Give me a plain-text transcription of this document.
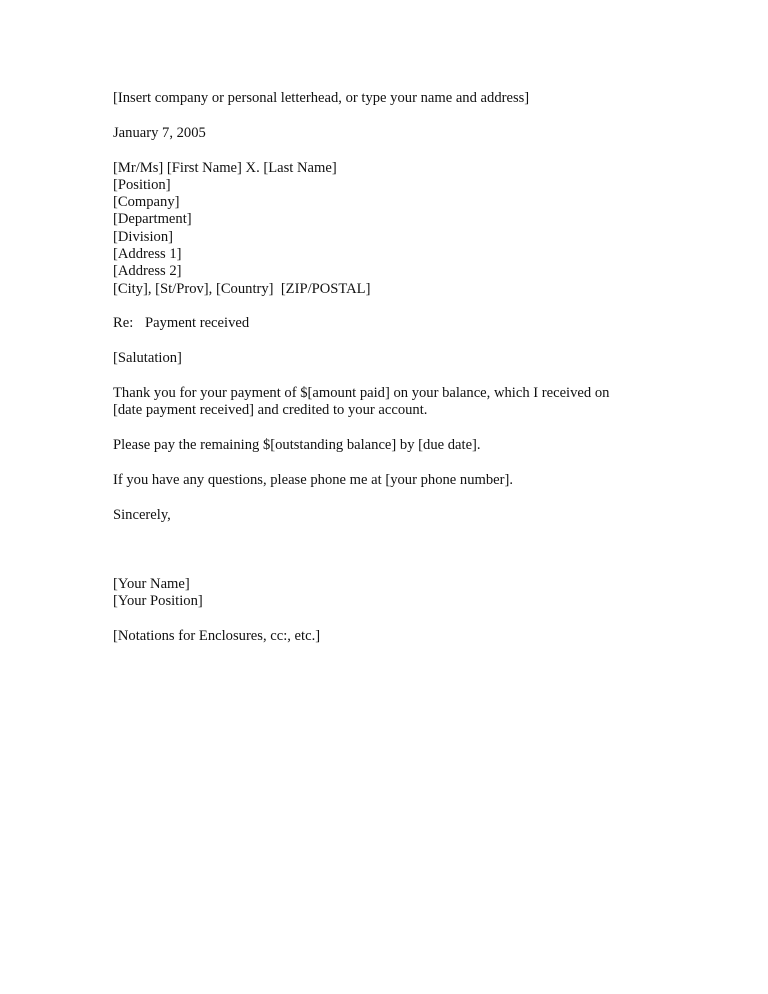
[Insert company or personal letterhead, or type your name and address]
January 7, 2005
[Mr/Ms] [First Name] X. [Last Name]
[Position]
[Company]
[Department]
[Division]
[Address 1]
[Address 2]
[City], [St/Prov], [Country]  [ZIP/POSTAL]
Re: Payment received
[Salutation]
Thank you for your payment of $[amount paid] on your balance, which I received on
[date payment received] and credited to your account.
Please pay the remaining $[outstanding balance] by [due date].
If you have any questions, please phone me at [your phone number].
Sincerely,
[Your Name]
[Your Position]
[Notations for Enclosures, cc:, etc.]
